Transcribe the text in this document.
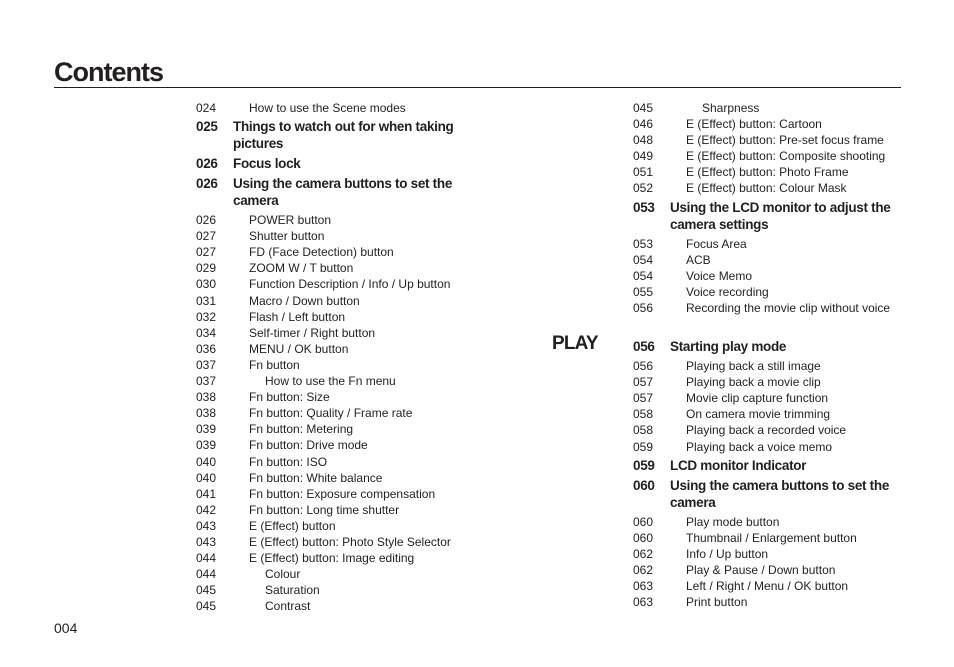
Contents
024	How to use the Scene modes
025	Things to watch out for when taking pictures
026	Focus lock
026	Using the camera buttons to set the camera
026	POWER button
027	Shutter button
027	FD (Face Detection) button
029	ZOOM W / T button
030	Function Description / Info / Up button
031	Macro / Down button
032	Flash / Left button
034	Self-timer / Right button
036	MENU / OK button
037	Fn button
037	How to use the Fn menu
038	Fn button: Size
038	Fn button: Quality / Frame rate
039	Fn button: Metering
039	Fn button: Drive mode
040	Fn button: ISO
040	Fn button: White balance
041	Fn button: Exposure compensation
042	Fn button: Long time shutter
043	E (Effect) button
043	E (Effect) button: Photo Style Selector
044	E (Effect) button: Image editing
044	Colour
045	Saturation
045	Contrast
045	Sharpness
046	E (Effect) button: Cartoon
048	E (Effect) button: Pre-set focus frame
049	E (Effect) button: Composite shooting
051	E (Effect) button: Photo Frame
052	E (Effect) button: Colour Mask
053	Using the LCD monitor to adjust the camera settings
053	Focus Area
054	ACB
054	Voice Memo
055	Voice recording
056	Recording the movie clip without voice
056	Starting play mode
056	Playing back a still image
057	Playing back a movie clip
057	Movie clip capture function
058	On camera movie trimming
058	Playing back a recorded voice
059	Playing back a voice memo
059	LCD monitor Indicator
060	Using the camera buttons to set the camera
060	Play mode button
060	Thumbnail / Enlargement button
062	Info / Up button
062	Play & Pause / Down button
063	Left / Right / Menu / OK button
063	Print button
PLAY
004
